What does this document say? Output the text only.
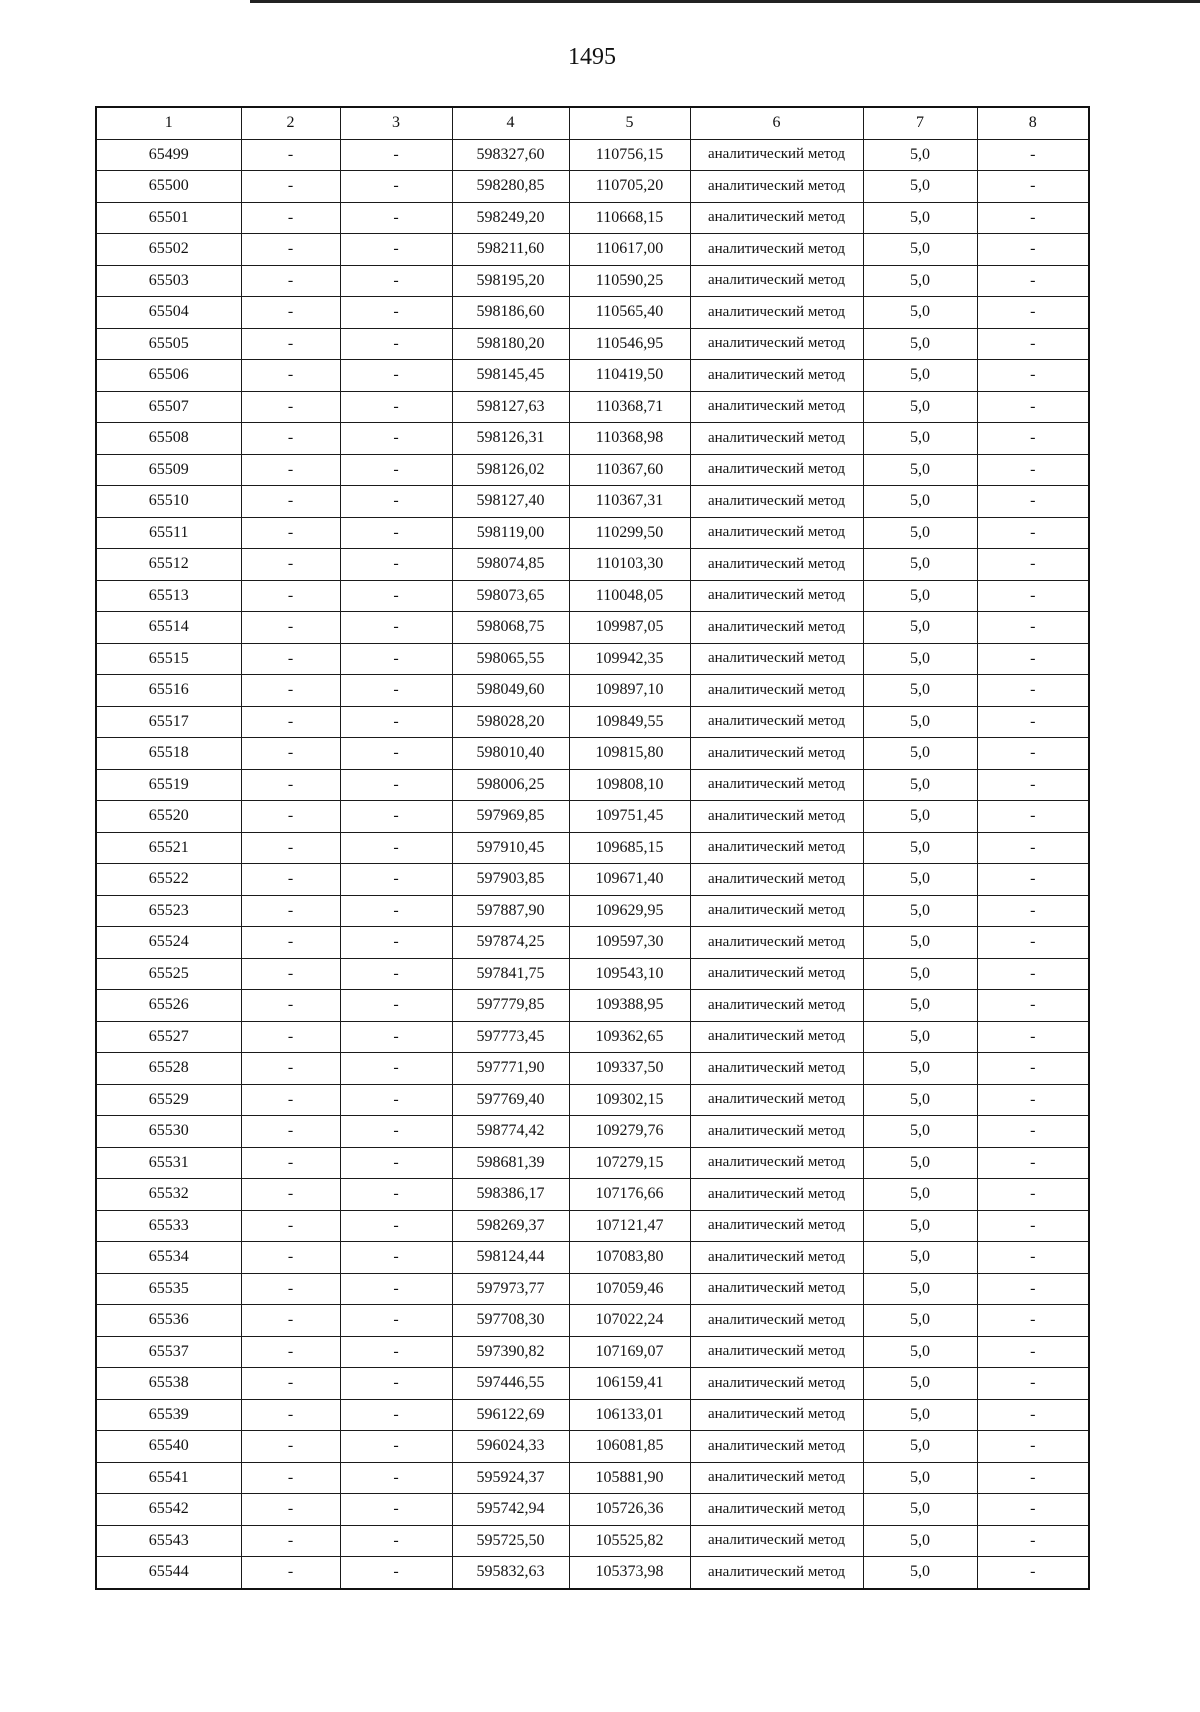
1495
1	2	3	4	5	6	7	8
65499	-	-	598327,60	110756,15	аналитический метод	5,0	-
65500	-	-	598280,85	110705,20	аналитический метод	5,0	-
65501	-	-	598249,20	110668,15	аналитический метод	5,0	-
65502	-	-	598211,60	110617,00	аналитический метод	5,0	-
65503	-	-	598195,20	110590,25	аналитический метод	5,0	-
65504	-	-	598186,60	110565,40	аналитический метод	5,0	-
65505	-	-	598180,20	110546,95	аналитический метод	5,0	-
65506	-	-	598145,45	110419,50	аналитический метод	5,0	-
65507	-	-	598127,63	110368,71	аналитический метод	5,0	-
65508	-	-	598126,31	110368,98	аналитический метод	5,0	-
65509	-	-	598126,02	110367,60	аналитический метод	5,0	-
65510	-	-	598127,40	110367,31	аналитический метод	5,0	-
65511	-	-	598119,00	110299,50	аналитический метод	5,0	-
65512	-	-	598074,85	110103,30	аналитический метод	5,0	-
65513	-	-	598073,65	110048,05	аналитический метод	5,0	-
65514	-	-	598068,75	109987,05	аналитический метод	5,0	-
65515	-	-	598065,55	109942,35	аналитический метод	5,0	-
65516	-	-	598049,60	109897,10	аналитический метод	5,0	-
65517	-	-	598028,20	109849,55	аналитический метод	5,0	-
65518	-	-	598010,40	109815,80	аналитический метод	5,0	-
65519	-	-	598006,25	109808,10	аналитический метод	5,0	-
65520	-	-	597969,85	109751,45	аналитический метод	5,0	-
65521	-	-	597910,45	109685,15	аналитический метод	5,0	-
65522	-	-	597903,85	109671,40	аналитический метод	5,0	-
65523	-	-	597887,90	109629,95	аналитический метод	5,0	-
65524	-	-	597874,25	109597,30	аналитический метод	5,0	-
65525	-	-	597841,75	109543,10	аналитический метод	5,0	-
65526	-	-	597779,85	109388,95	аналитический метод	5,0	-
65527	-	-	597773,45	109362,65	аналитический метод	5,0	-
65528	-	-	597771,90	109337,50	аналитический метод	5,0	-
65529	-	-	597769,40	109302,15	аналитический метод	5,0	-
65530	-	-	598774,42	109279,76	аналитический метод	5,0	-
65531	-	-	598681,39	107279,15	аналитический метод	5,0	-
65532	-	-	598386,17	107176,66	аналитический метод	5,0	-
65533	-	-	598269,37	107121,47	аналитический метод	5,0	-
65534	-	-	598124,44	107083,80	аналитический метод	5,0	-
65535	-	-	597973,77	107059,46	аналитический метод	5,0	-
65536	-	-	597708,30	107022,24	аналитический метод	5,0	-
65537	-	-	597390,82	107169,07	аналитический метод	5,0	-
65538	-	-	597446,55	106159,41	аналитический метод	5,0	-
65539	-	-	596122,69	106133,01	аналитический метод	5,0	-
65540	-	-	596024,33	106081,85	аналитический метод	5,0	-
65541	-	-	595924,37	105881,90	аналитический метод	5,0	-
65542	-	-	595742,94	105726,36	аналитический метод	5,0	-
65543	-	-	595725,50	105525,82	аналитический метод	5,0	-
65544	-	-	595832,63	105373,98	аналитический метод	5,0	-
